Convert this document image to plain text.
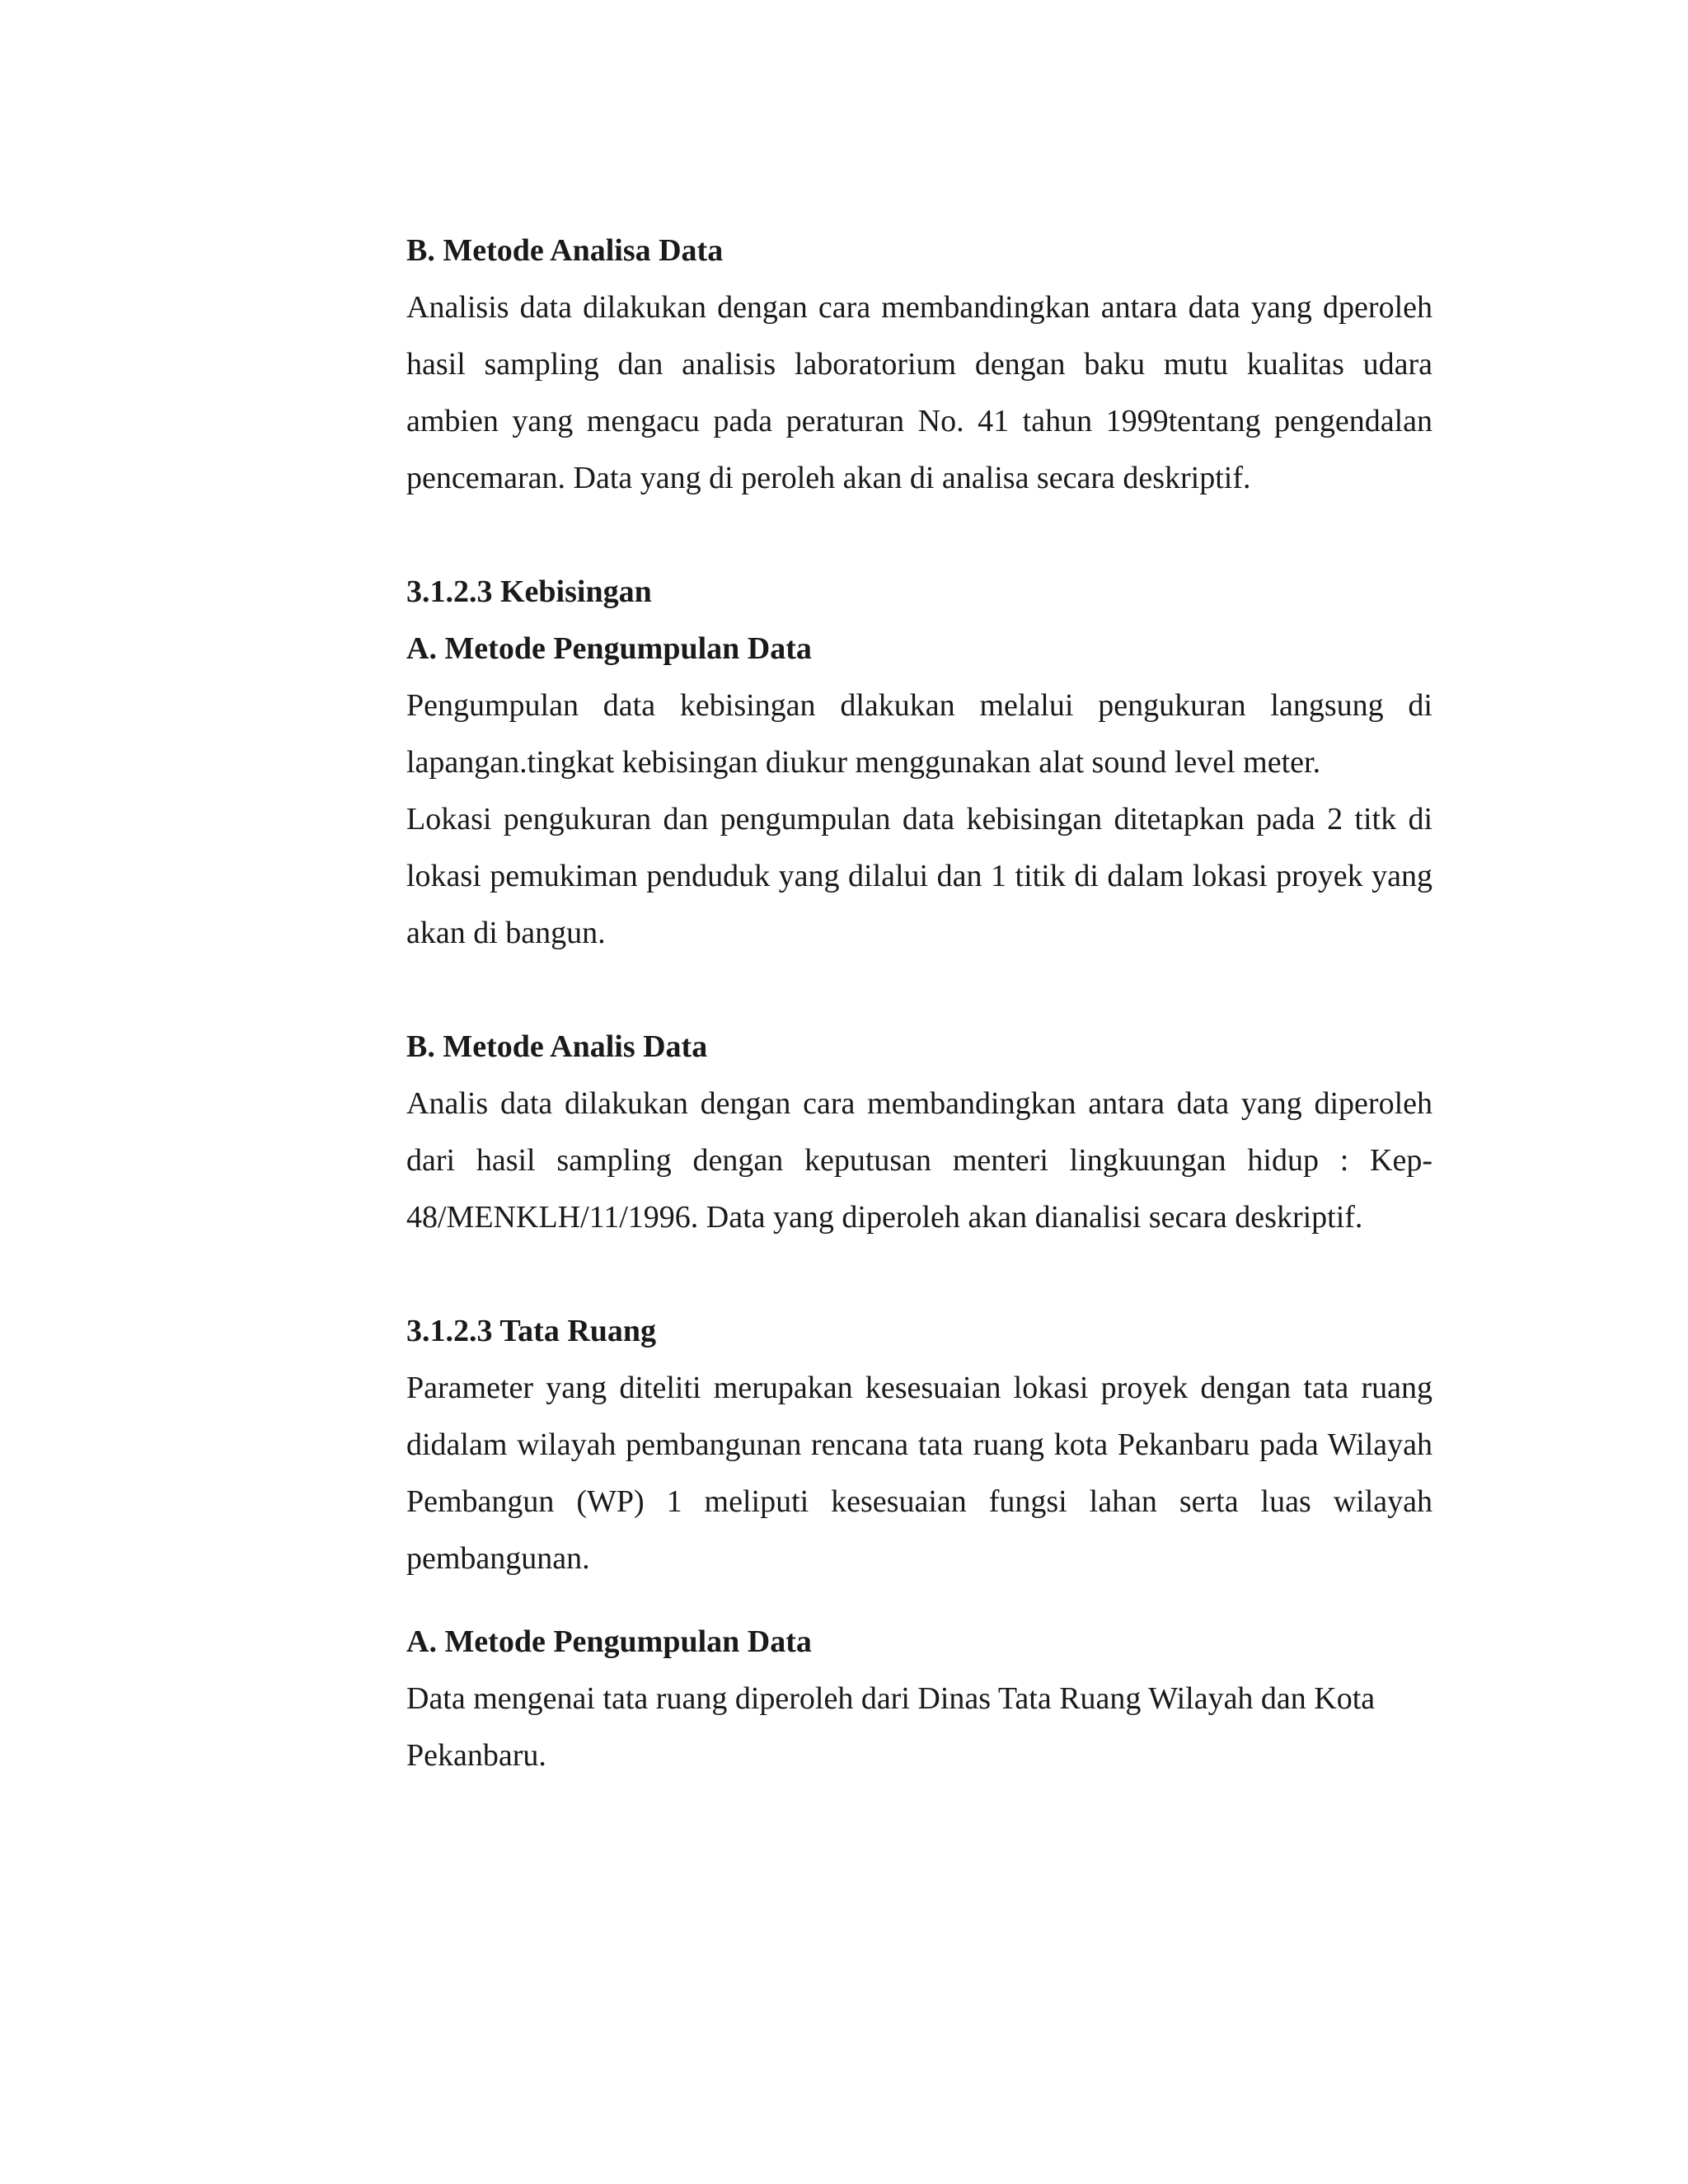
B. Metode Analisa Data

Analisis data dilakukan dengan cara membandingkan antara data yang dperoleh hasil sampling dan analisis laboratorium dengan baku mutu kualitas udara ambien yang mengacu pada peraturan No. 41 tahun 1999tentang pengendalan pencemaran. Data yang di peroleh akan di analisa secara deskriptif.

3.1.2.3 Kebisingan
A. Metode Pengumpulan Data

Pengumpulan data kebisingan dlakukan melalui pengukuran langsung di lapangan.tingkat kebisingan diukur menggunakan alat sound level meter.

Lokasi pengukuran dan pengumpulan data kebisingan ditetapkan pada 2 titk di lokasi pemukiman penduduk yang dilalui dan 1 titik di dalam lokasi proyek yang akan di bangun.

B. Metode Analis Data

Analis data dilakukan dengan cara membandingkan antara data yang diperoleh dari hasil sampling dengan keputusan menteri lingkuungan hidup : Kep-48/MENKLH/11/1996. Data yang diperoleh akan dianalisi secara deskriptif.

3.1.2.3 Tata Ruang

Parameter yang diteliti merupakan kesesuaian lokasi proyek dengan tata ruang didalam wilayah pembangunan rencana tata ruang kota Pekanbaru pada Wilayah Pembangun (WP) 1 meliputi kesesuaian fungsi lahan serta luas wilayah pembangunan.

A. Metode Pengumpulan Data

Data mengenai tata ruang diperoleh dari Dinas Tata Ruang Wilayah dan Kota Pekanbaru.
